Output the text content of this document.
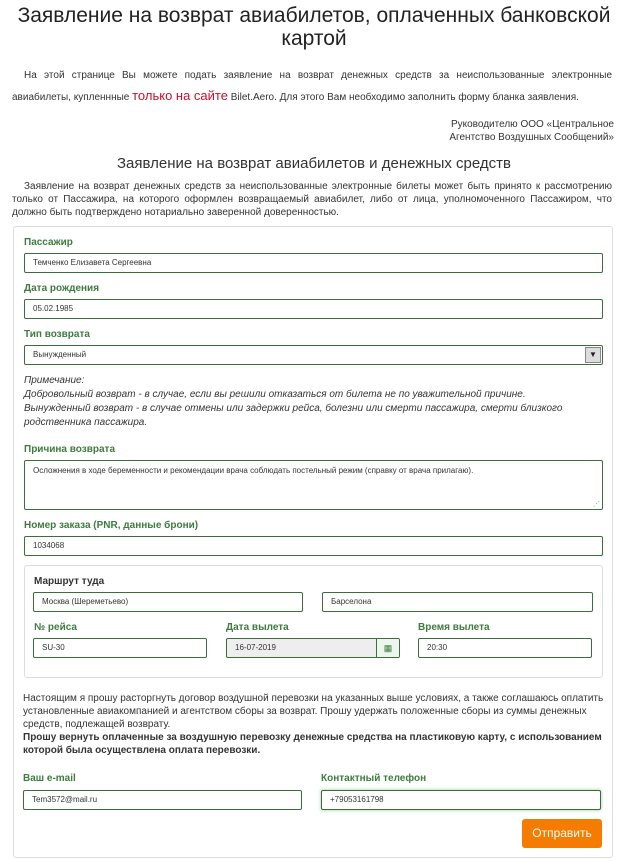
Заявление на возврат авиабилетов, оплаченных банковской картой

На этой странице Вы можете подать заявление на возврат денежных средств за неиспользованные электронные авиабилеты, купленнные только на сайте Bilet.Aero. Для этого Вам необходимо заполнить форму бланка заявления.

Руководителю ООО «Центральное
Агентство Воздушных Сообщений»
Заявление на возврат авиабилетов и денежных средств

Заявление на возврат денежных средств за неиспользованные электронные билеты может быть принято к рассмотрению только от Пассажира, на которого оформлен возвращаемый авиабилет, либо от лица, уполномоченного Пассажиром, что должно быть подтверждено нотариально заверенной доверенностью.

Пассажир
Темченко Елизавета Сергеевна
Дата рождения
05.02.1985
Тип возврата
Вынужденный	▼
Примечание:
Добровольный возврат - в случае, если вы решили отказаться от билета не по уважительной причине.
Вынужденный возврат - в случае отмены или задержки рейса, болезни или смерти пассажира, смерти близкого родственника пассажира.
Причина возврата
Осложнения в ходе беременности и рекомендации врача соблюдать постельный режим (справку от врача прилагаю).
⋰
Номер заказа (PNR, данные брони)
1034068
Маршрут туда
Москва (Шереметьево)	Барселона
№ рейса
SU-30
Дата вылета
16-07-2019	▦
Время вылета
20:30
Настоящим я прошу расторгнуть договор воздушной перевозки на указанных выше условиях, а также соглашаюсь оплатить установленные авиакомпанией и агентством сборы за возврат. Прошу удержать положенные сборы из суммы денежных средств, подлежащей возврату.
Прошу вернуть оплаченные за воздушную перевозку денежные средства на пластиковую карту, с использованием которой была осуществлена оплата перевозки.
Ваш e-mail
Tem3572@mail.ru
Контактный телефон
+79053161798
Отправить
